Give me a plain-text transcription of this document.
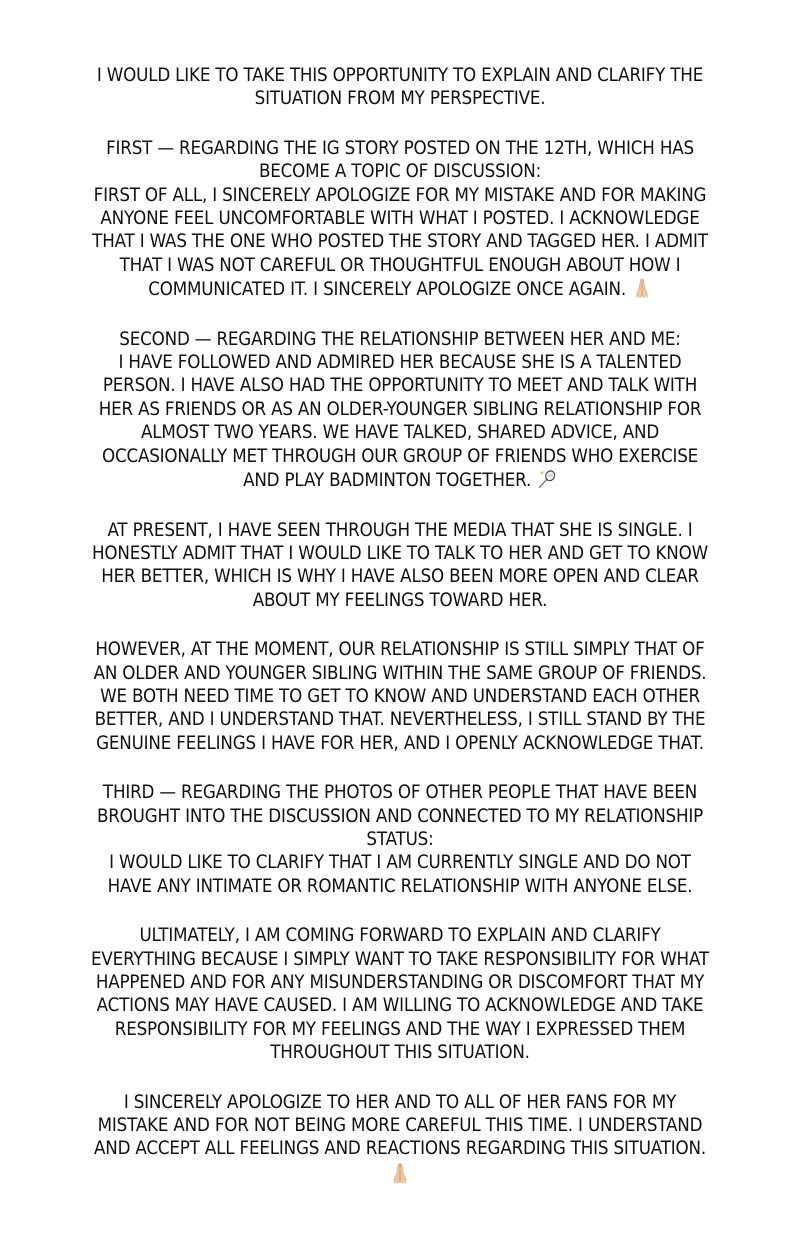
I WOULD LIKE TO TAKE THIS OPPORTUNITY TO EXPLAIN AND CLARIFY THE
SITUATION FROM MY PERSPECTIVE.
FIRST — REGARDING THE IG STORY POSTED ON THE 12TH, WHICH HAS
BECOME A TOPIC OF DISCUSSION:
FIRST OF ALL, I SINCERELY APOLOGIZE FOR MY MISTAKE AND FOR MAKING
ANYONE FEEL UNCOMFORTABLE WITH WHAT I POSTED. I ACKNOWLEDGE
THAT I WAS THE ONE WHO POSTED THE STORY AND TAGGED HER. I ADMIT
THAT I WAS NOT CAREFUL OR THOUGHTFUL ENOUGH ABOUT HOW I
COMMUNICATED IT. I SINCERELY APOLOGIZE ONCE AGAIN.
SECOND — REGARDING THE RELATIONSHIP BETWEEN HER AND ME:
I HAVE FOLLOWED AND ADMIRED HER BECAUSE SHE IS A TALENTED
PERSON. I HAVE ALSO HAD THE OPPORTUNITY TO MEET AND TALK WITH
HER AS FRIENDS OR AS AN OLDER-YOUNGER SIBLING RELATIONSHIP FOR
ALMOST TWO YEARS. WE HAVE TALKED, SHARED ADVICE, AND
OCCASIONALLY MET THROUGH OUR GROUP OF FRIENDS WHO EXERCISE
AND PLAY BADMINTON TOGETHER.
AT PRESENT, I HAVE SEEN THROUGH THE MEDIA THAT SHE IS SINGLE. I
HONESTLY ADMIT THAT I WOULD LIKE TO TALK TO HER AND GET TO KNOW
HER BETTER, WHICH IS WHY I HAVE ALSO BEEN MORE OPEN AND CLEAR
ABOUT MY FEELINGS TOWARD HER.
HOWEVER, AT THE MOMENT, OUR RELATIONSHIP IS STILL SIMPLY THAT OF
AN OLDER AND YOUNGER SIBLING WITHIN THE SAME GROUP OF FRIENDS.
WE BOTH NEED TIME TO GET TO KNOW AND UNDERSTAND EACH OTHER
BETTER, AND I UNDERSTAND THAT. NEVERTHELESS, I STILL STAND BY THE
GENUINE FEELINGS I HAVE FOR HER, AND I OPENLY ACKNOWLEDGE THAT.
THIRD — REGARDING THE PHOTOS OF OTHER PEOPLE THAT HAVE BEEN
BROUGHT INTO THE DISCUSSION AND CONNECTED TO MY RELATIONSHIP
STATUS:
I WOULD LIKE TO CLARIFY THAT I AM CURRENTLY SINGLE AND DO NOT
HAVE ANY INTIMATE OR ROMANTIC RELATIONSHIP WITH ANYONE ELSE.
ULTIMATELY, I AM COMING FORWARD TO EXPLAIN AND CLARIFY
EVERYTHING BECAUSE I SIMPLY WANT TO TAKE RESPONSIBILITY FOR WHAT
HAPPENED AND FOR ANY MISUNDERSTANDING OR DISCOMFORT THAT MY
ACTIONS MAY HAVE CAUSED. I AM WILLING TO ACKNOWLEDGE AND TAKE
RESPONSIBILITY FOR MY FEELINGS AND THE WAY I EXPRESSED THEM
THROUGHOUT THIS SITUATION.
I SINCERELY APOLOGIZE TO HER AND TO ALL OF HER FANS FOR MY
MISTAKE AND FOR NOT BEING MORE CAREFUL THIS TIME. I UNDERSTAND
AND ACCEPT ALL FEELINGS AND REACTIONS REGARDING THIS SITUATION.
